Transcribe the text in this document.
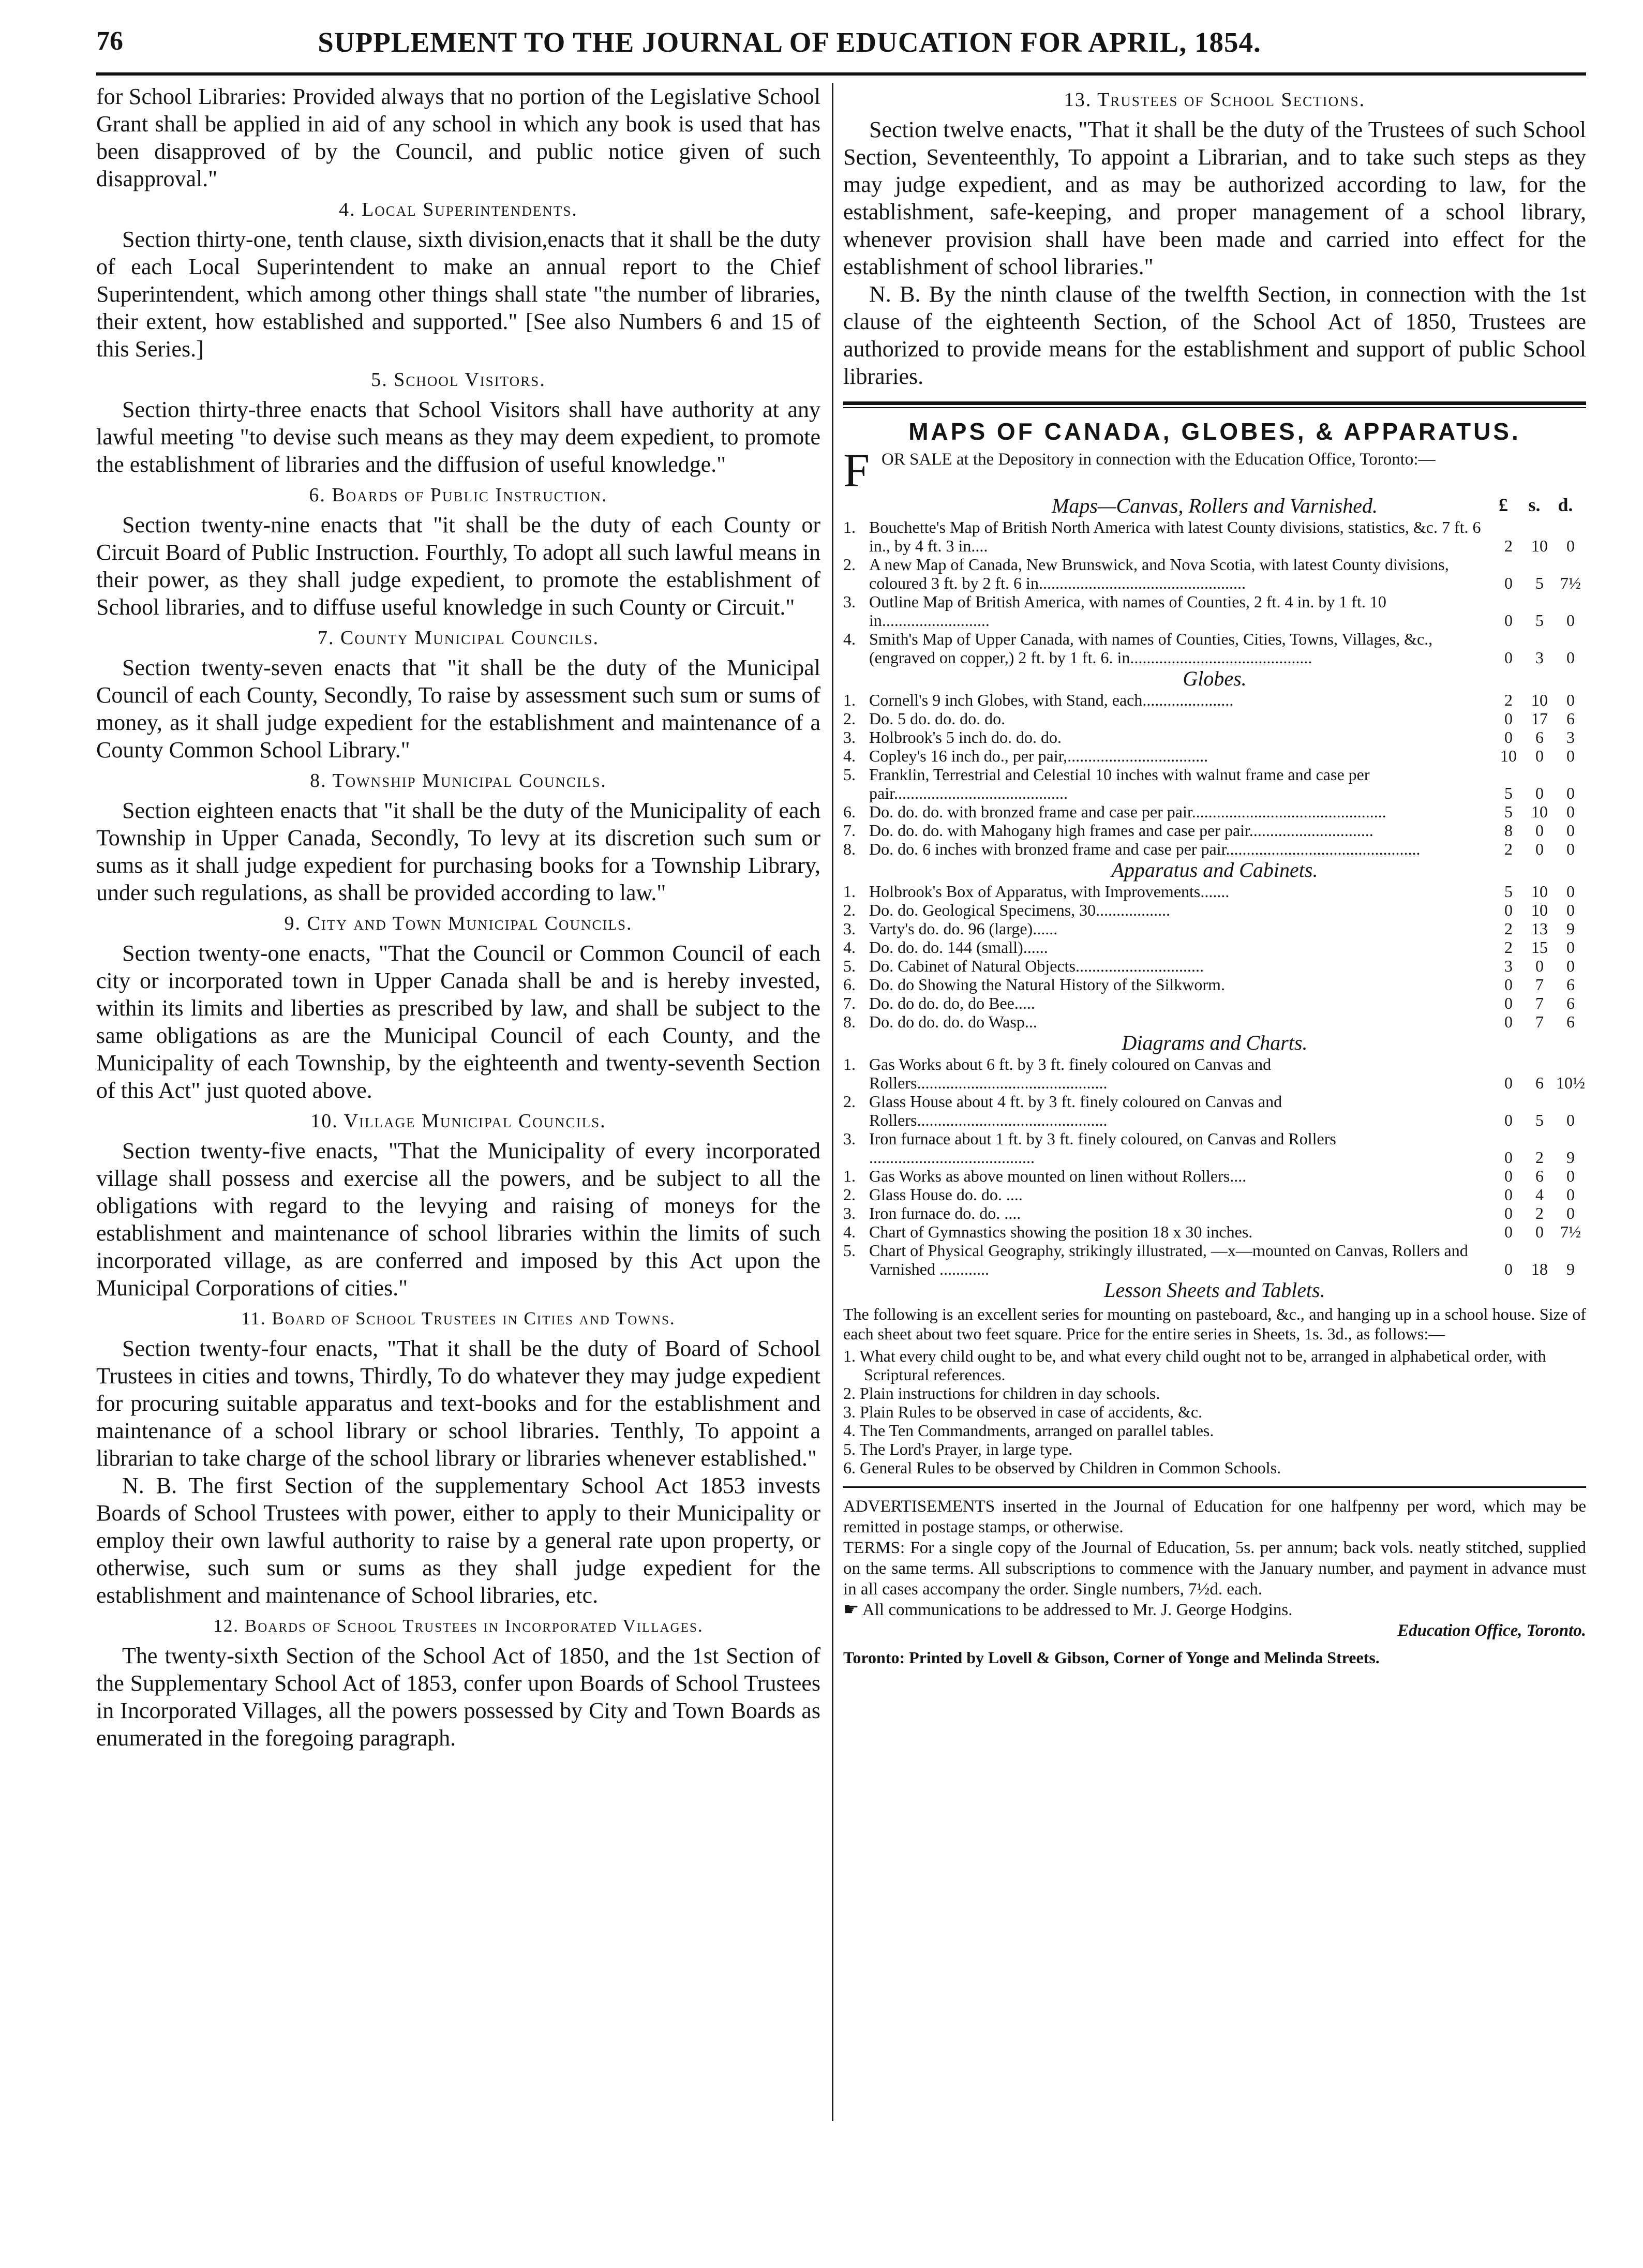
76	SUPPLEMENT TO THE JOURNAL OF EDUCATION FOR APRIL, 1854.

for School Libraries: Provided always that no portion of the Legislative School Grant shall be applied in aid of any school in which any book is used that has been disapproved of by the Council, and public notice given of such disapproval."

4. Local Superintendents.

Section thirty-one, tenth clause, sixth division,enacts that it shall be the duty of each Local Superintendent to make an annual report to the Chief Superintendent, which among other things shall state "the number of libraries, their extent, how established and supported." [See also Numbers 6 and 15 of this Series.]

5. School Visitors.

Section thirty-three enacts that School Visitors shall have authority at any lawful meeting "to devise such means as they may deem expedient, to promote the establishment of libraries and the diffusion of useful knowledge."

6. Boards of Public Instruction.

Section twenty-nine enacts that "it shall be the duty of each County or Circuit Board of Public Instruction. Fourthly, To adopt all such lawful means in their power, as they shall judge expedient, to promote the establishment of School libraries, and to diffuse useful knowledge in such County or Circuit."

7. County Municipal Councils.

Section twenty-seven enacts that "it shall be the duty of the Municipal Council of each County, Secondly, To raise by assessment such sum or sums of money, as it shall judge expedient for the establishment and maintenance of a County Common School Library."

8. Township Municipal Councils.

Section eighteen enacts that "it shall be the duty of the Municipality of each Township in Upper Canada, Secondly, To levy at its discretion such sum or sums as it shall judge expedient for purchasing books for a Township Library, under such regulations, as shall be provided according to law."

9. City and Town Municipal Councils.

Section twenty-one enacts, "That the Council or Common Council of each city or incorporated town in Upper Canada shall be and is hereby invested, within its limits and liberties as prescribed by law, and shall be subject to the same obligations as are the Municipal Council of each County, and the Municipality of each Township, by the eighteenth and twenty-seventh Section of this Act" just quoted above.

10. Village Municipal Councils.

Section twenty-five enacts, "That the Municipality of every incorporated village shall possess and exercise all the powers, and be subject to all the obligations with regard to the levying and raising of moneys for the establishment and maintenance of school libraries within the limits of such incorporated village, as are conferred and imposed by this Act upon the Municipal Corporations of cities."

11. Board of School Trustees in Cities and Towns.

Section twenty-four enacts, "That it shall be the duty of Board of School Trustees in cities and towns, Thirdly, To do whatever they may judge expedient for procuring suitable apparatus and text-books and for the establishment and maintenance of a school library or school libraries. Tenthly, To appoint a librarian to take charge of the school library or libraries whenever established."

N. B. The first Section of the supplementary School Act 1853 invests Boards of School Trustees with power, either to apply to their Municipality or employ their own lawful authority to raise by a general rate upon property, or otherwise, such sum or sums as they shall judge expedient for the establishment and maintenance of School libraries, etc.

12. Boards of School Trustees in Incorporated Villages.

The twenty-sixth Section of the School Act of 1850, and the 1st Section of the Supplementary School Act of 1853, confer upon Boards of School Trustees in Incorporated Villages, all the powers possessed by City and Town Boards as enumerated in the foregoing paragraph.

13. Trustees of School Sections.

Section twelve enacts, "That it shall be the duty of the Trustees of such School Section, Seventeenthly, To appoint a Librarian, and to take such steps as they may judge expedient, and as may be authorized according to law, for the establishment, safe-keeping, and proper management of a school library, whenever provision shall have been made and carried into effect for the establishment of school libraries."

N. B. By the ninth clause of the twelfth Section, in connection with the 1st clause of the eighteenth Section, of the School Act of 1850, Trustees are authorized to provide means for the establishment and support of public School libraries.

MAPS OF CANADA, GLOBES, & APPARATUS.
F OR SALE at the Depository in connection with the Education Office, Toronto:—
Maps—Canvas, Rollers and Varnished.	£ s. d.
1.	Bouchette's Map of British North America with latest County divisions, statistics, &c. 7 ft. 6 in., by 4 ft. 3 in....	2	10	0
2.	A new Map of Canada, New Brunswick, and Nova Scotia, with latest County divisions, coloured 3 ft. by 2 ft. 6 in..................................................	0	5	7½
3.	Outline Map of British America, with names of Counties, 2 ft. 4 in. by 1 ft. 10 in..........................	0	5	0
4.	Smith's Map of Upper Canada, with names of Counties, Cities, Towns, Villages, &c., (engraved on copper,) 2 ft. by 1 ft. 6. in............................................	0	3	0
Globes.
1.	Cornell's 9 inch Globes, with Stand, each......................	2	10	0
2.	Do. 5 do. do. do. do.	0	17	6
3.	Holbrook's 5 inch do. do. do.	0	6	3
4.	Copley's 16 inch do., per pair,..................................	10	0	0
5.	Franklin, Terrestrial and Celestial 10 inches with walnut frame and case per pair..........................................	5	0	0
6.	Do. do. do. with bronzed frame and case per pair...............................................	5	10	0
7.	Do. do. do. with Mahogany high frames and case per pair..............................	8	0	0
8.	Do. do. 6 inches with bronzed frame and case per pair...............................................	2	0	0
Apparatus and Cabinets.
1.	Holbrook's Box of Apparatus, with Improvements.......	5	10	0
2.	Do. do. Geological Specimens, 30..................	0	10	0
3.	Varty's do. do. 96 (large)......	2	13	9
4.	Do. do. do. 144 (small)......	2	15	0
5.	Do. Cabinet of Natural Objects...............................	3	0	0
6.	Do. do Showing the Natural History of the Silkworm.	0	7	6
7.	Do. do do. do, do Bee.....	0	7	6
8.	Do. do do. do. do Wasp...	0	7	6
Diagrams and Charts.
1.	Gas Works about 6 ft. by 3 ft. finely coloured on Canvas and Rollers..............................................	0	6	10½
2.	Glass House about 4 ft. by 3 ft. finely coloured on Canvas and Rollers..............................................	0	5	0
3.	Iron furnace about 1 ft. by 3 ft. finely coloured, on Canvas and Rollers ........................................	0	2	9
1.	Gas Works as above mounted on linen without Rollers....	0	6	0
2.	Glass House do. do. ....	0	4	0
3.	Iron furnace do. do. ....	0	2	0
4.	Chart of Gymnastics showing the position 18 x 30 inches.	0	0	7½
5.	Chart of Physical Geography, strikingly illustrated, —x—mounted on Canvas, Rollers and Varnished ............	0	18	9
Lesson Sheets and Tablets.
The following is an excellent series for mounting on pasteboard, &c., and hanging up in a school house. Size of each sheet about two feet square. Price for the entire series in Sheets, 1s. 3d., as follows:—
1. What every child ought to be, and what every child ought not to be, arranged in alphabetical order, with Scriptural references.
2. Plain instructions for children in day schools.
3. Plain Rules to be observed in case of accidents, &c.
4. The Ten Commandments, arranged on parallel tables.
5. The Lord's Prayer, in large type.
6. General Rules to be observed by Children in Common Schools.

ADVERTISEMENTS inserted in the Journal of Education for one halfpenny per word, which may be remitted in postage stamps, or otherwise.

TERMS: For a single copy of the Journal of Education, 5s. per annum; back vols. neatly stitched, supplied on the same terms. All subscriptions to commence with the January number, and payment in advance must in all cases accompany the order. Single numbers, 7½d. each.

☛ All communications to be addressed to Mr. J. George Hodgins.

Education Office, Toronto.

Toronto: Printed by Lovell & Gibson, Corner of Yonge and Melinda Streets.
